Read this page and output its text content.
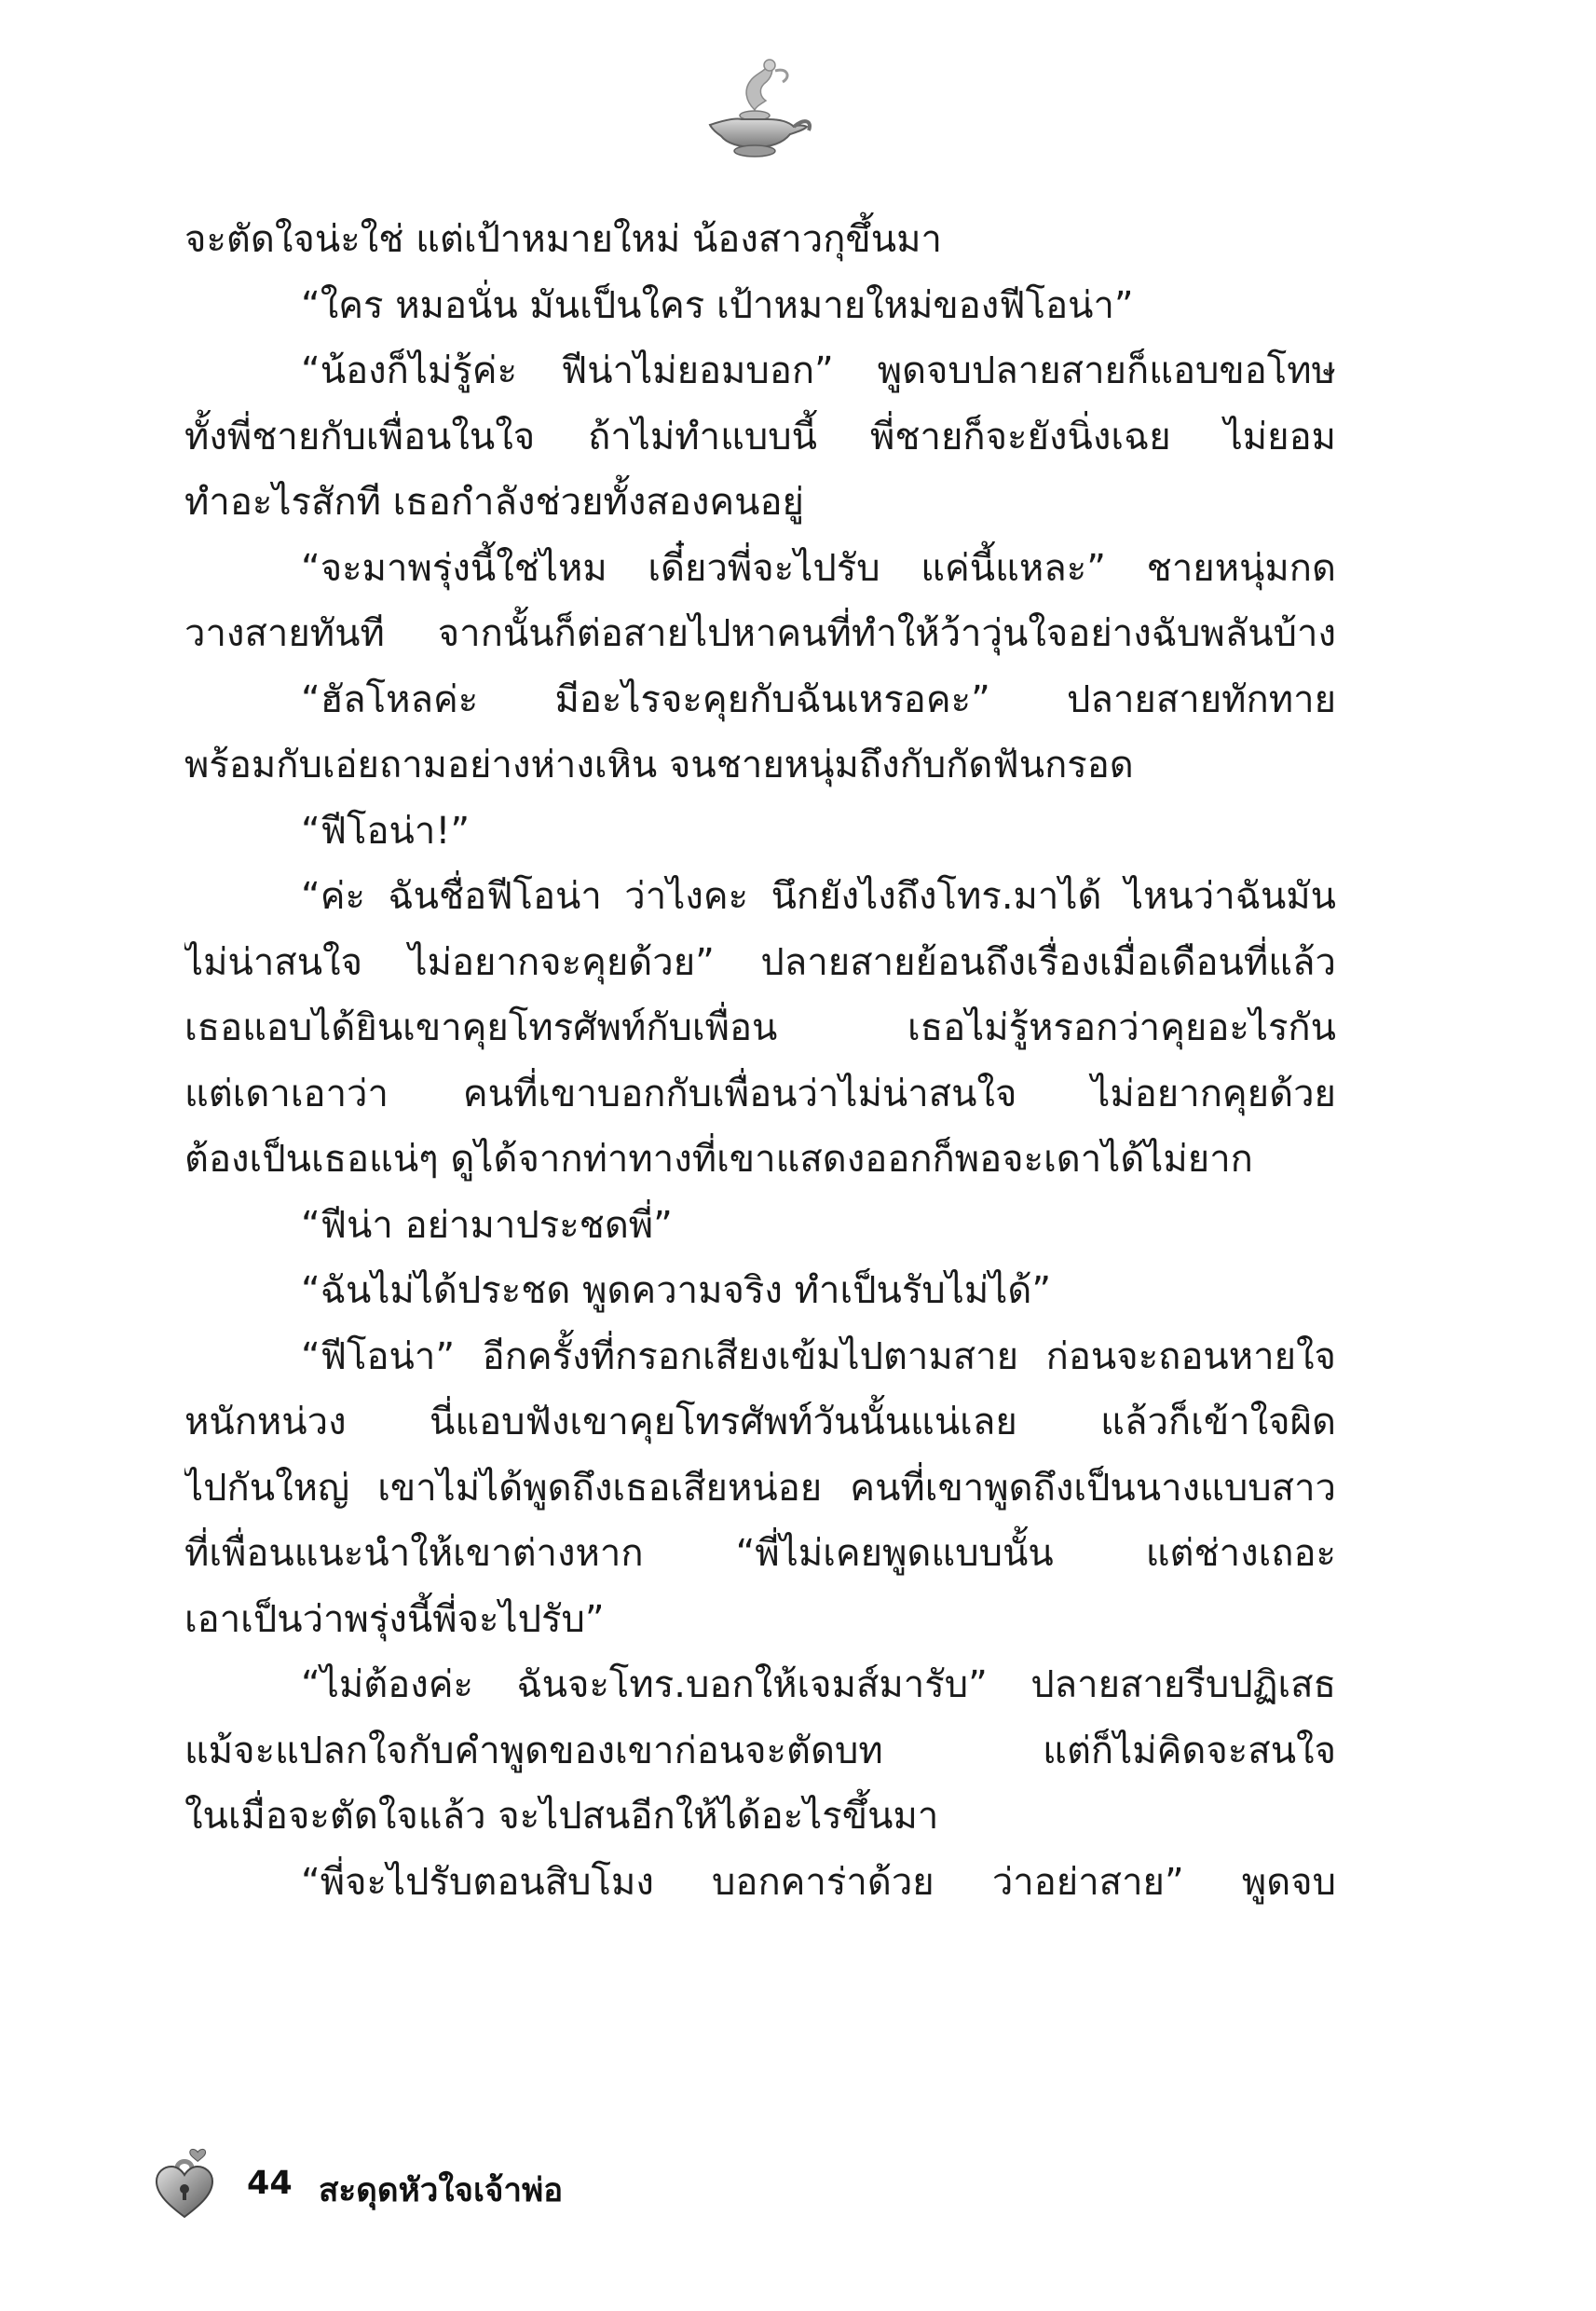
จะตัดใจน่ะใช่ แต่เป้าหมายใหม่ น้องสาวกุขึ้นมา
“ใคร หมอนั่น มันเป็นใคร เป้าหมายใหม่ของฟีโอน่า”
“น้องก็ไม่รู้ค่ะ ฟีน่าไม่ยอมบอก” พูดจบปลายสายก็แอบขอโทษ
ทั้งพี่ชายกับเพื่อนในใจ ถ้าไม่ทำแบบนี้ พี่ชายก็จะยังนิ่งเฉย ไม่ยอม
ทำอะไรสักที เธอกำลังช่วยทั้งสองคนอยู่
“จะมาพรุ่งนี้ใช่ไหม เดี๋ยวพี่จะไปรับ แค่นี้แหละ” ชายหนุ่มกด
วางสายทันที จากนั้นก็ต่อสายไปหาคนที่ทำให้ว้าวุ่นใจอย่างฉับพลันบ้าง
“ฮัลโหลค่ะ มีอะไรจะคุยกับฉันเหรอคะ” ปลายสายทักทาย
พร้อมกับเอ่ยถามอย่างห่างเหิน จนชายหนุ่มถึงกับกัดฟันกรอด
“ฟีโอน่า!”
“ค่ะ ฉันชื่อฟีโอน่า ว่าไงคะ นึกยังไงถึงโทร.มาได้ ไหนว่าฉันมัน
ไม่น่าสนใจ ไม่อยากจะคุยด้วย” ปลายสายย้อนถึงเรื่องเมื่อเดือนที่แล้ว
เธอแอบได้ยินเขาคุยโทรศัพท์กับเพื่อน เธอไม่รู้หรอกว่าคุยอะไรกัน
แต่เดาเอาว่า คนที่เขาบอกกับเพื่อนว่าไม่น่าสนใจ ไม่อยากคุยด้วย
ต้องเป็นเธอแน่ๆ ดูได้จากท่าทางที่เขาแสดงออกก็พอจะเดาได้ไม่ยาก
“ฟีน่า อย่ามาประชดพี่”
“ฉันไม่ได้ประชด พูดความจริง ทำเป็นรับไม่ได้”
“ฟีโอน่า” อีกครั้งที่กรอกเสียงเข้มไปตามสาย ก่อนจะถอนหายใจ
หนักหน่วง นี่แอบฟังเขาคุยโทรศัพท์วันนั้นแน่เลย แล้วก็เข้าใจผิด
ไปกันใหญ่ เขาไม่ได้พูดถึงเธอเสียหน่อย คนที่เขาพูดถึงเป็นนางแบบสาว
ที่เพื่อนแนะนำให้เขาต่างหาก “พี่ไม่เคยพูดแบบนั้น แต่ช่างเถอะ
เอาเป็นว่าพรุ่งนี้พี่จะไปรับ”
“ไม่ต้องค่ะ ฉันจะโทร.บอกให้เจมส์มารับ” ปลายสายรีบปฏิเสธ
แม้จะแปลกใจกับคำพูดของเขาก่อนจะตัดบท แต่ก็ไม่คิดจะสนใจ
ในเมื่อจะตัดใจแล้ว จะไปสนอีกให้ได้อะไรขึ้นมา
“พี่จะไปรับตอนสิบโมง บอกคาร่าด้วย ว่าอย่าสาย” พูดจบ
44 สะดุดหัวใจเจ้าพ่อ
